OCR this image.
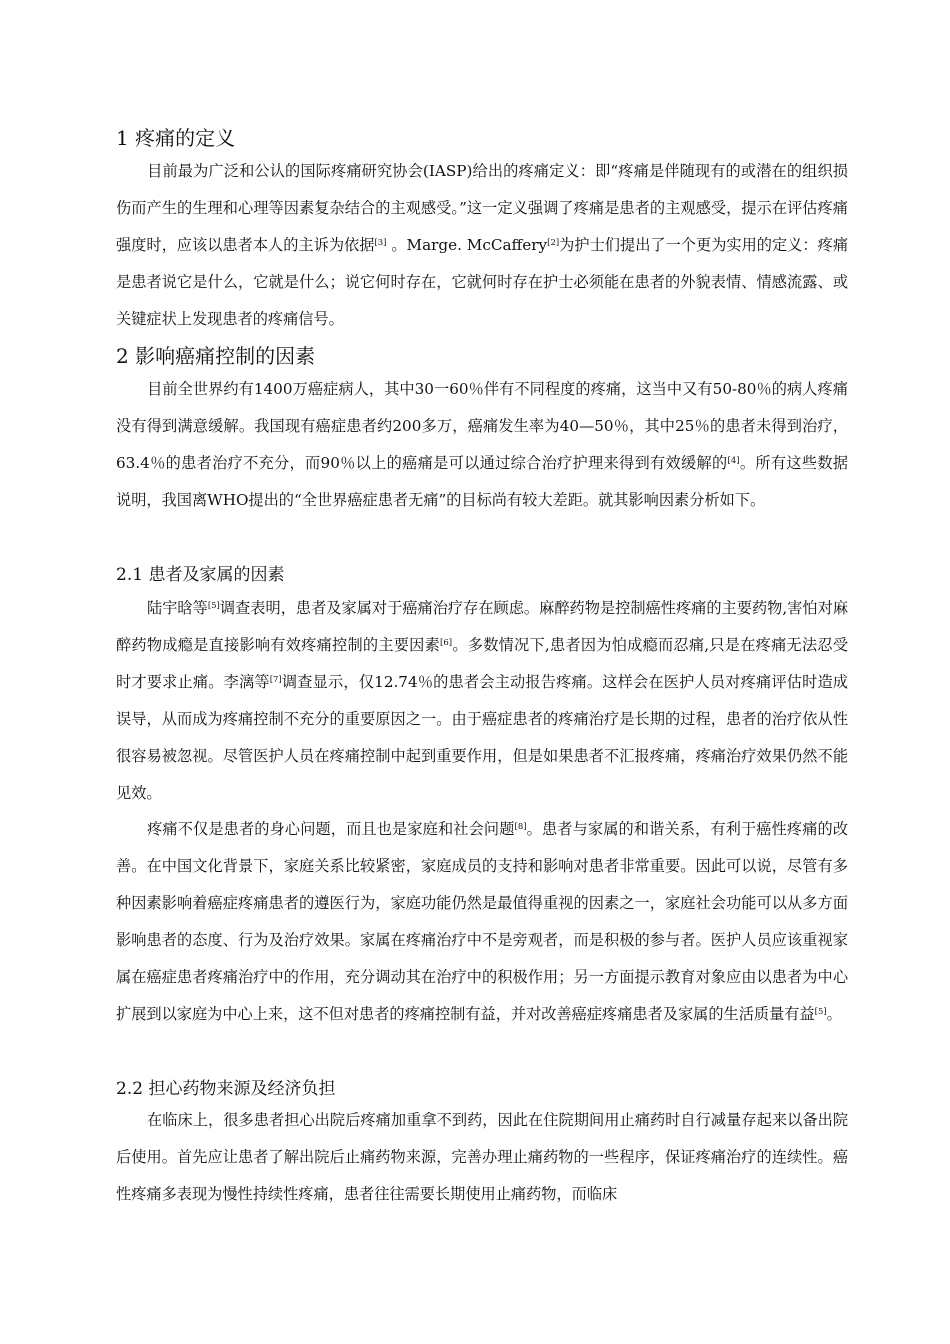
1 疼痛的定义

目前最为广泛和公认的国际疼痛研究协会(IASP)给出的疼痛定义：即“疼痛是伴随现有的或潜在的组织损伤而产生的生理和心理等因素复杂结合的主观感受。”这一定义强调了疼痛是患者的主观感受，提示在评估疼痛强度时，应该以患者本人的主诉为依据[3] 。Marge. McCaffery[2]为护士们提出了一个更为实用的定义：疼痛是患者说它是什么，它就是什么；说它何时存在，它就何时存在护士必须能在患者的外貌表情、情感流露、或关键症状上发现患者的疼痛信号。

2 影响癌痛控制的因素

目前全世界约有1400万癌症病人，其中30一60％伴有不同程度的疼痛，这当中又有50-80％的病人疼痛没有得到满意缓解。我国现有癌症患者约200多万，癌痛发生率为40—50％，其中25％的患者未得到治疗，63.4％的患者治疗不充分，而90％以上的癌痛是可以通过综合治疗护理来得到有效缓解的[4]。所有这些数据说明，我国离WHO提出的“全世界癌症患者无痛”的目标尚有较大差距。就其影响因素分析如下。

2.1 患者及家属的因素

陆宇晗等[5]调查表明，患者及家属对于癌痛治疗存在顾虑。麻醉药物是控制癌性疼痛的主要药物,害怕对麻醉药物成瘾是直接影响有效疼痛控制的主要因素[6]。多数情况下,患者因为怕成瘾而忍痛,只是在疼痛无法忍受时才要求止痛。李漓等[7]调查显示，仅12.74％的患者会主动报告疼痛。这样会在医护人员对疼痛评估时造成误导，从而成为疼痛控制不充分的重要原因之一。由于癌症患者的疼痛治疗是长期的过程，患者的治疗依从性很容易被忽视。尽管医护人员在疼痛控制中起到重要作用，但是如果患者不汇报疼痛，疼痛治疗效果仍然不能见效。

疼痛不仅是患者的身心问题，而且也是家庭和社会问题[8]。患者与家属的和谐关系，有利于癌性疼痛的改善。在中国文化背景下，家庭关系比较紧密，家庭成员的支持和影响对患者非常重要。因此可以说，尽管有多种因素影响着癌症疼痛患者的遵医行为，家庭功能仍然是最值得重视的因素之一，家庭社会功能可以从多方面影响患者的态度、行为及治疗效果。家属在疼痛治疗中不是旁观者，而是积极的参与者。医护人员应该重视家属在癌症患者疼痛治疗中的作用，充分调动其在治疗中的积极作用；另一方面提示教育对象应由以患者为中心扩展到以家庭为中心上来，这不但对患者的疼痛控制有益，并对改善癌症疼痛患者及家属的生活质量有益[5]。

2.2 担心药物来源及经济负担

在临床上，很多患者担心出院后疼痛加重拿不到药，因此在住院期间用止痛药时自行减量存起来以备出院后使用。首先应让患者了解出院后止痛药物来源，完善办理止痛药物的一些程序，保证疼痛治疗的连续性。癌性疼痛多表现为慢性持续性疼痛，患者往往需要长期使用止痛药物，而临床
